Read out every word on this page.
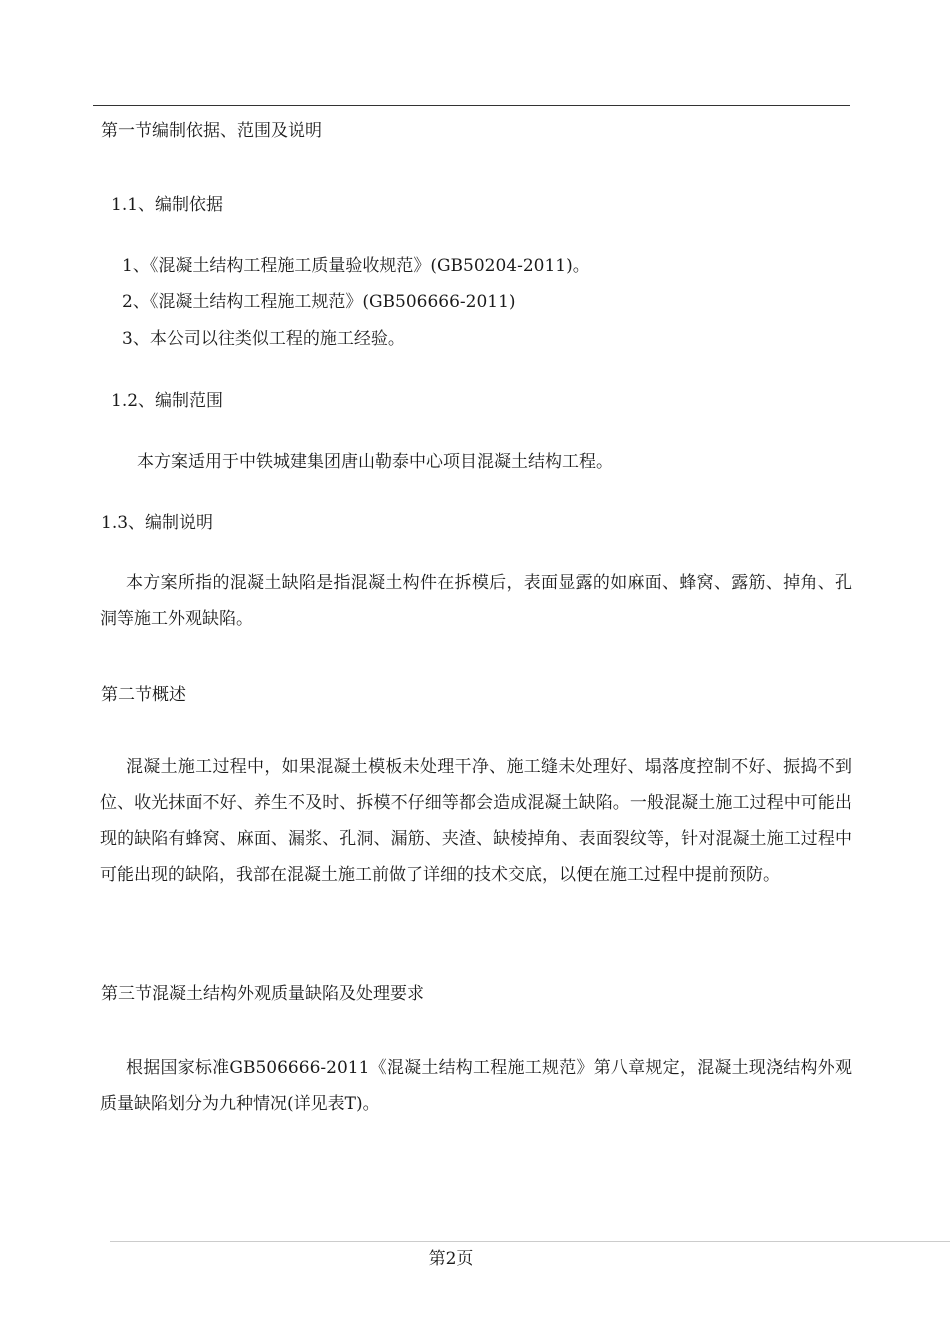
第一节编制依据、范围及说明
1.1、编制依据
1、《混凝土结构工程施工质量验收规范》(GB50204-2011)。
2、《混凝土结构工程施工规范》(GB506666-2011)
3、本公司以往类似工程的施工经验。
1.2、编制范围
本方案适用于中铁城建集团唐山勒泰中心项目混凝土结构工程。
1.3、编制说明

本方案所指的混凝土缺陷是指混凝土构件在拆模后，表面显露的如麻面、蜂窝、露筋、掉角、孔洞等施工外观缺陷。

第二节概述

混凝土施工过程中，如果混凝土模板未处理干净、施工缝未处理好、塌落度控制不好、振捣不到位、收光抹面不好、养生不及时、拆模不仔细等都会造成混凝土缺陷。一般混凝土施工过程中可能出现的缺陷有蜂窝、麻面、漏浆、孔洞、漏筋、夹渣、缺棱掉角、表面裂纹等，针对混凝土施工过程中可能出现的缺陷，我部在混凝土施工前做了详细的技术交底，以便在施工过程中提前预防。

第三节混凝土结构外观质量缺陷及处理要求

根据国家标准GB506666-2011《混凝土结构工程施工规范》第八章规定，混凝土现浇结构外观质量缺陷划分为九种情况(详见表T)。

第2页
